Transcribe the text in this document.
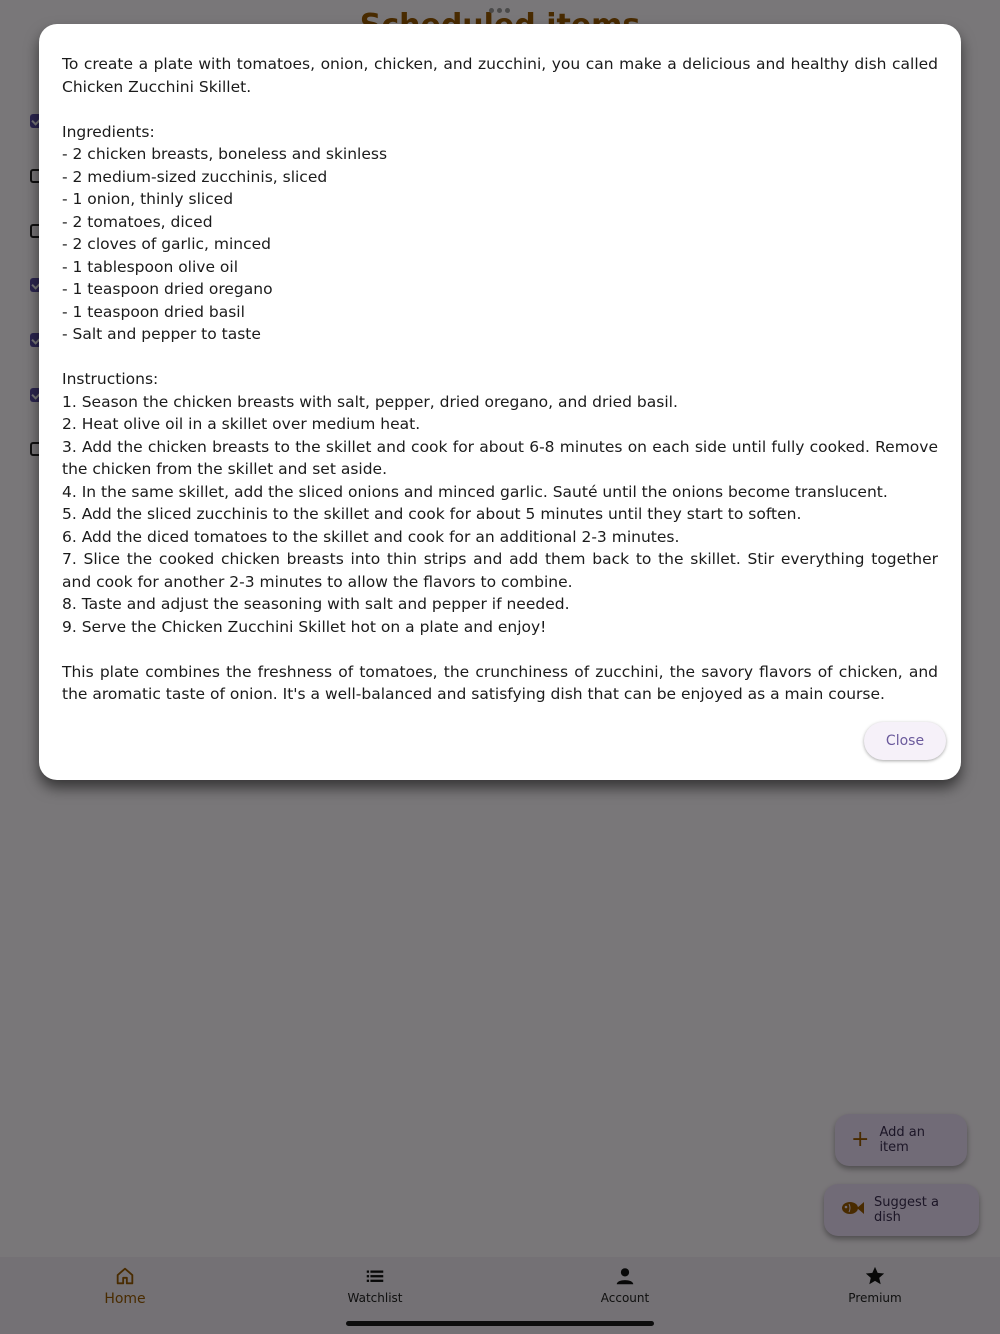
To create a plate with tomatoes, onion, chicken, and zucchini, you can make a delicious and healthy dish called Chicken Zucchini Skillet.

Ingredients:

- 2 chicken breasts, boneless and skinless

- 2 medium-sized zucchinis, sliced

- 1 onion, thinly sliced

- 2 tomatoes, diced

- 2 cloves of garlic, minced

- 1 tablespoon olive oil

- 1 teaspoon dried oregano

- 1 teaspoon dried basil

- Salt and pepper to taste

Instructions:

1. Season the chicken breasts with salt, pepper, dried oregano, and dried basil.

2. Heat olive oil in a skillet over medium heat.

3. Add the chicken breasts to the skillet and cook for about 6-8 minutes on each side until fully cooked. Remove the chicken from the skillet and set aside.

4. In the same skillet, add the sliced onions and minced garlic. Sauté until the onions become translucent.

5. Add the sliced zucchinis to the skillet and cook for about 5 minutes until they start to soften.

6. Add the diced tomatoes to the skillet and cook for an additional 2-3 minutes.

7. Slice the cooked chicken breasts into thin strips and add them back to the skillet. Stir everything together and cook for another 2-3 minutes to allow the flavors to combine.

8. Taste and adjust the seasoning with salt and pepper if needed.

9. Serve the Chicken Zucchini Skillet hot on a plate and enjoy!

This plate combines the freshness of tomatoes, the crunchiness of zucchini, the savory flavors of chicken, and the aromatic taste of onion. It's a well-balanced and satisfying dish that can be enjoyed as a main course.

Close
